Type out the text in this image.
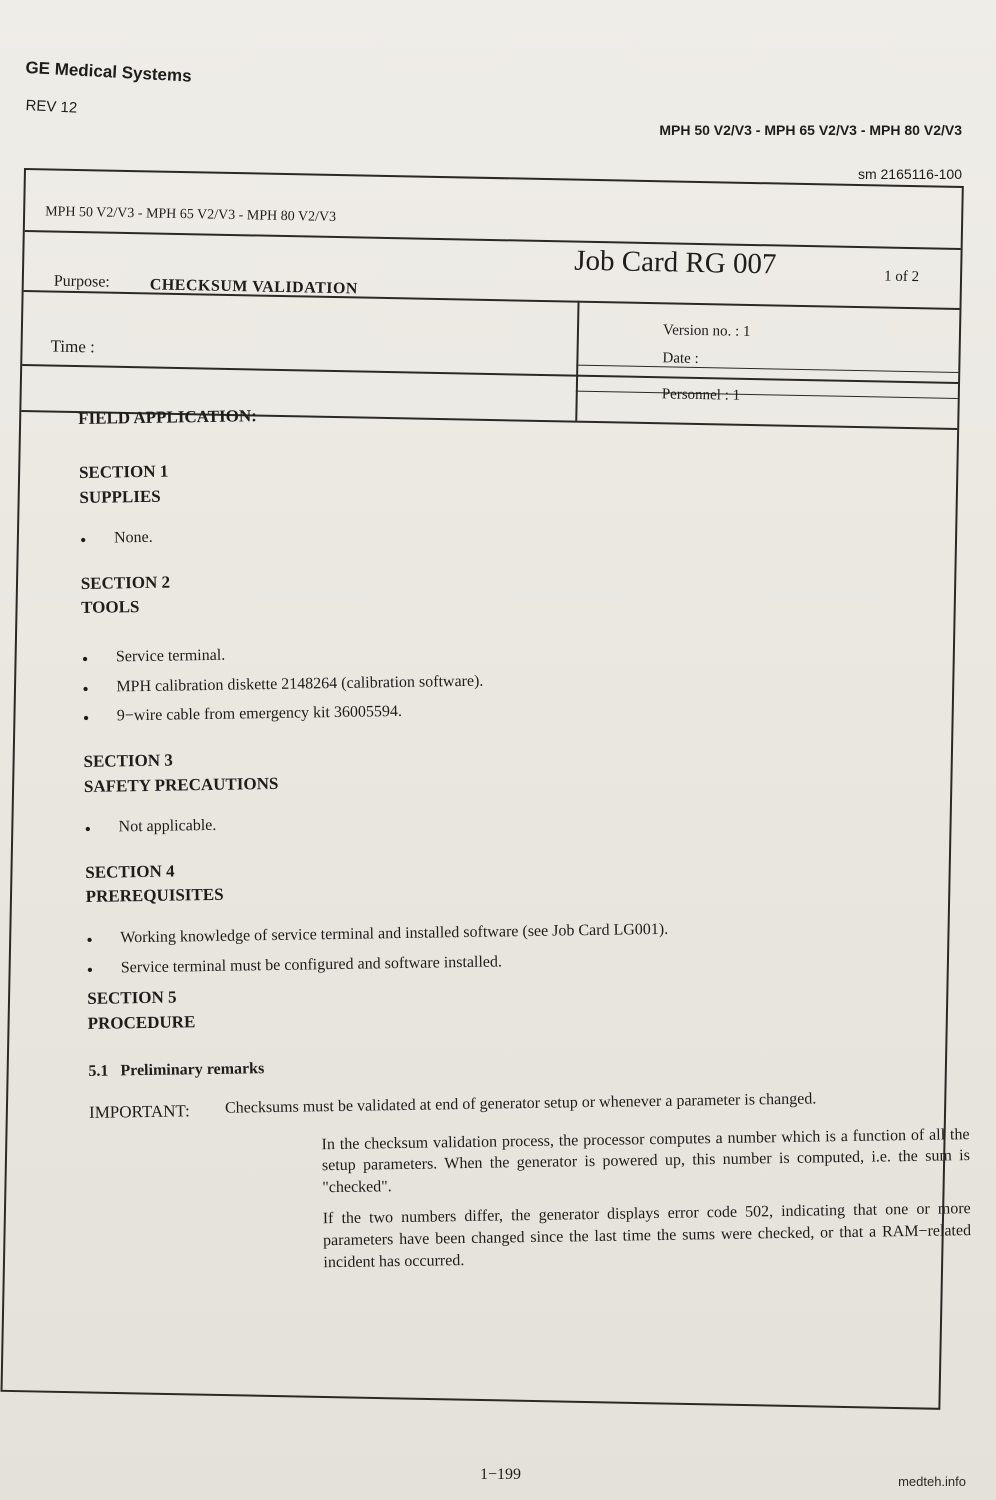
GE Medical Systems
REV 12
MPH 50 V2/V3 - MPH 65 V2/V3 - MPH 80 V2/V3
sm 2165116-100
MPH 50 V2/V3 - MPH 65 V2/V3 - MPH 80 V2/V3
Job Card RG 007	1 of 2
Purpose: CHECKSUM VALIDATION
Version no. : 1
Time :
Date :
Personnel : 1
FIELD APPLICATION:
SECTION 1
SUPPLIES
• None.
SECTION 2
TOOLS
• Service terminal.
• MPH calibration diskette 2148264 (calibration software).
• 9−wire cable from emergency kit 36005594.
SECTION 3
SAFETY PRECAUTIONS
• Not applicable.
SECTION 4
PREREQUISITES
• Working knowledge of service terminal and installed software (see Job Card LG001).
• Service terminal must be configured and software installed.
SECTION 5
PROCEDURE
5.1   Preliminary remarks
IMPORTANT: Checksums must be validated at end of generator setup or whenever a parameter is changed.
In the checksum validation process, the processor computes a number which is a function of all the setup parameters. When the generator is powered up, this number is computed, i.e. the sum is "checked".
If the two numbers differ, the generator displays error code 502, indicating that one or more parameters have been changed since the last time the sums were checked, or that a RAM−related incident has occurred.
1−199	medteh.info
